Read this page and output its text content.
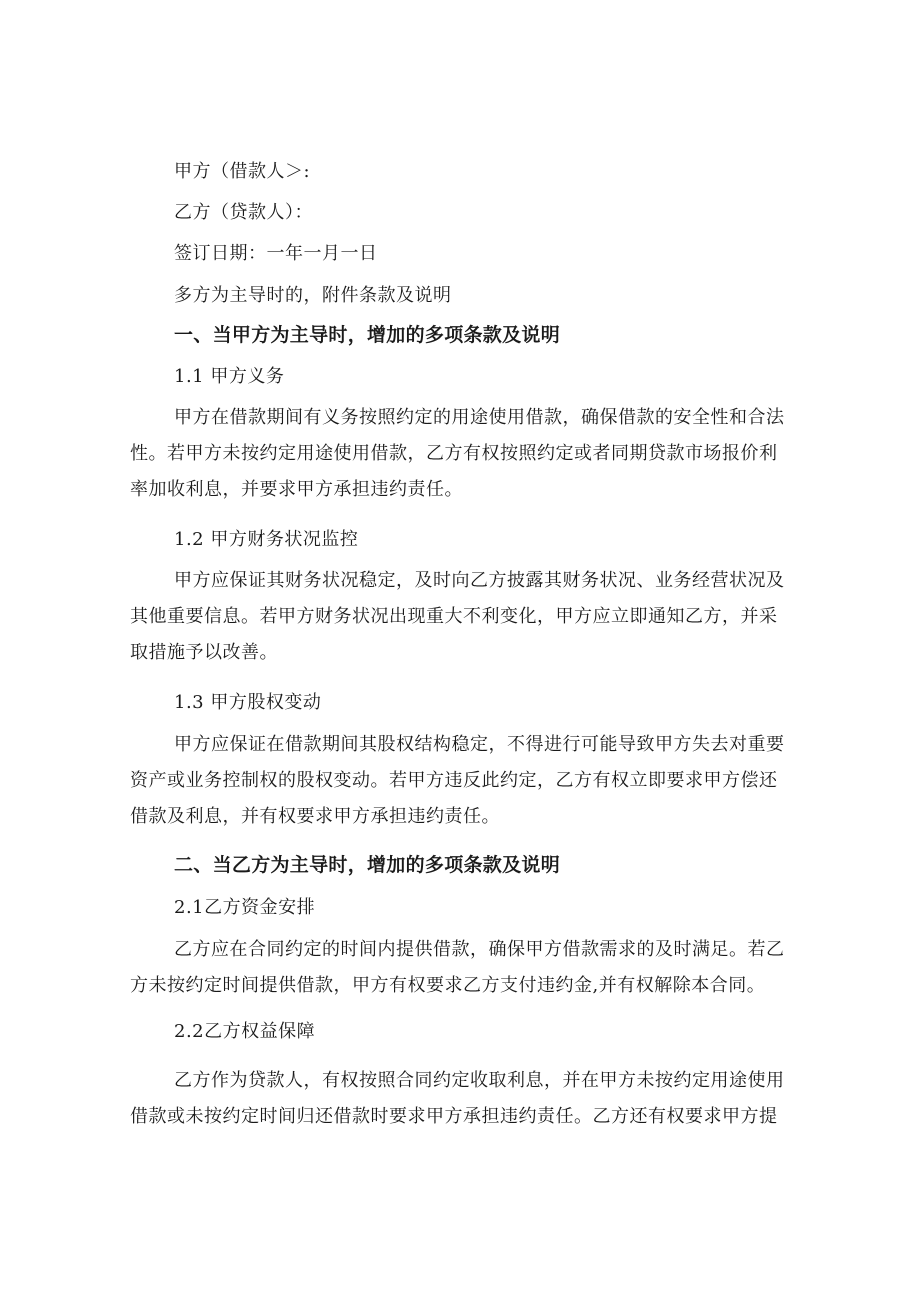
甲方（借款人＞:
乙方（贷款人）：
签订日期：一年一月一日
多方为主导时的，附件条款及说明
一、当甲方为主导时，增加的多项条款及说明
1.1 甲方义务
甲方在借款期间有义务按照约定的用途使用借款，确保借款的安全性和合法
性。若甲方未按约定用途使用借款，乙方有权按照约定或者同期贷款市场报价利
率加收利息，并要求甲方承担违约责任。
1.2 甲方财务状况监控
甲方应保证其财务状况稳定，及时向乙方披露其财务状况、业务经营状况及
其他重要信息。若甲方财务状况出现重大不利变化，甲方应立即通知乙方，并采
取措施予以改善。
1.3 甲方股权变动
甲方应保证在借款期间其股权结构稳定，不得进行可能导致甲方失去对重要
资产或业务控制权的股权变动。若甲方违反此约定，乙方有权立即要求甲方偿还
借款及利息，并有权要求甲方承担违约责任。
二、当乙方为主导时，增加的多项条款及说明
2.1乙方资金安排
乙方应在合同约定的时间内提供借款，确保甲方借款需求的及时满足。若乙
方未按约定时间提供借款，甲方有权要求乙方支付违约金,并有权解除本合同。
2.2乙方权益保障
乙方作为贷款人，有权按照合同约定收取利息，并在甲方未按约定用途使用
借款或未按约定时间归还借款时要求甲方承担违约责任。乙方还有权要求甲方提
